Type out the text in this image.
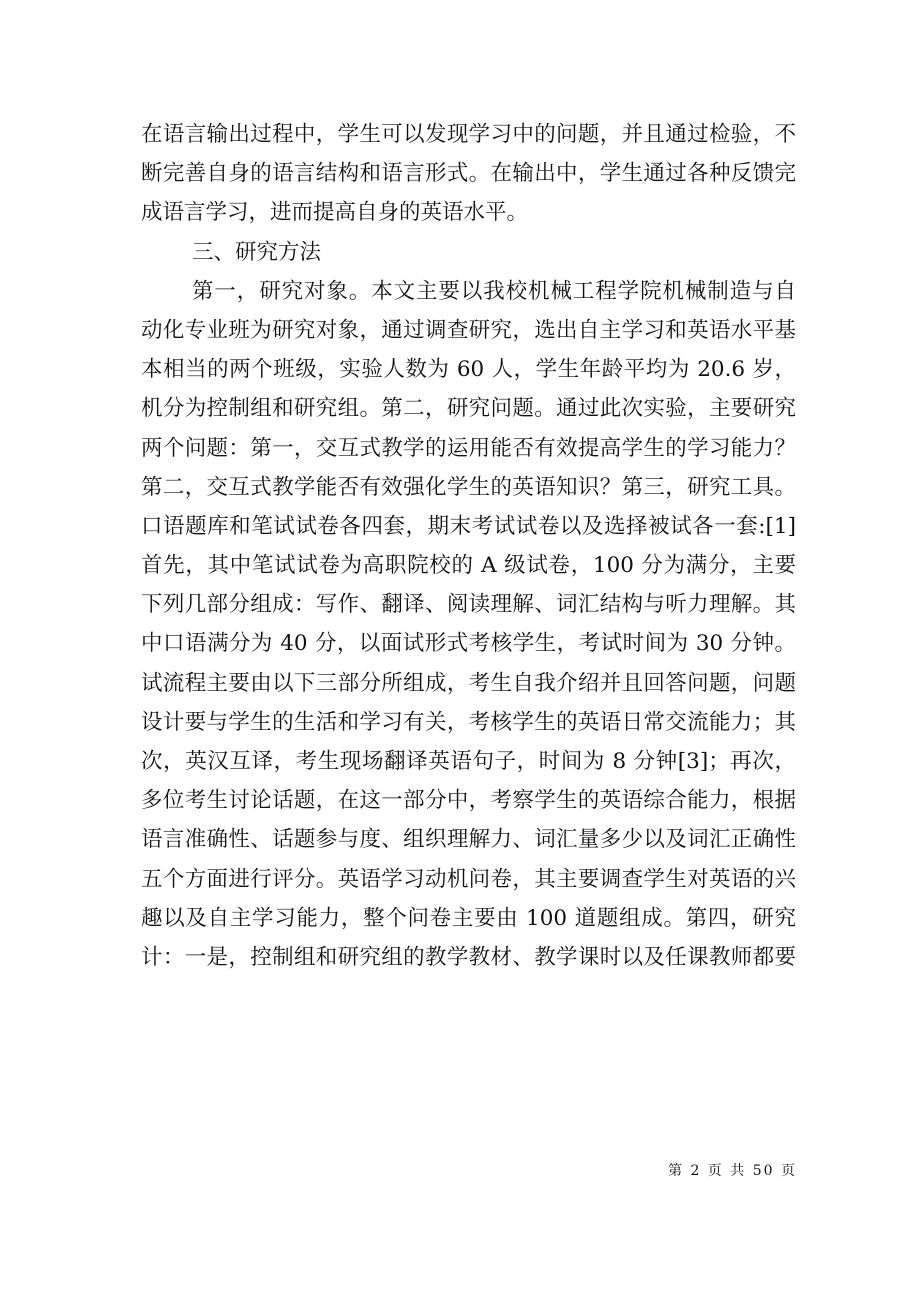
在语言输出过程中，学生可以发现学习中的问题，并且通过检验，不
断完善自身的语言结构和语言形式。在输出中，学生通过各种反馈完
成语言学习，进而提高自身的英语水平。
三、研究方法
第一，研究对象。本文主要以我校机械工程学院机械制造与自
动化专业班为研究对象，通过调查研究，选出自主学习和英语水平基
本相当的两个班级，实验人数为 60 人，学生年龄平均为 20.6 岁，
机分为控制组和研究组。第二，研究问题。通过此次实验，主要研究
两个问题：第一，交互式教学的运用能否有效提高学生的学习能力？
第二，交互式教学能否有效强化学生的英语知识？第三，研究工具。
口语题库和笔试试卷各四套，期末考试试卷以及选择被试各一套:[1]
首先，其中笔试试卷为高职院校的 A 级试卷，100 分为满分，主要
下列几部分组成：写作、翻译、阅读理解、词汇结构与听力理解。其
中口语满分为 40 分，以面试形式考核学生，考试时间为 30 分钟。
试流程主要由以下三部分所组成，考生自我介绍并且回答问题，问题
设计要与学生的生活和学习有关，考核学生的英语日常交流能力；其
次，英汉互译，考生现场翻译英语句子，时间为 8 分钟[3]；再次，
多位考生讨论话题，在这一部分中，考察学生的英语综合能力，根据
语言准确性、话题参与度、组织理解力、词汇量多少以及词汇正确性
五个方面进行评分。英语学习动机问卷，其主要调查学生对英语的兴
趣以及自主学习能力，整个问卷主要由 100 道题组成。第四，研究
计：一是，控制组和研究组的教学教材、教学课时以及任课教师都要
第 2 页 共 50 页
